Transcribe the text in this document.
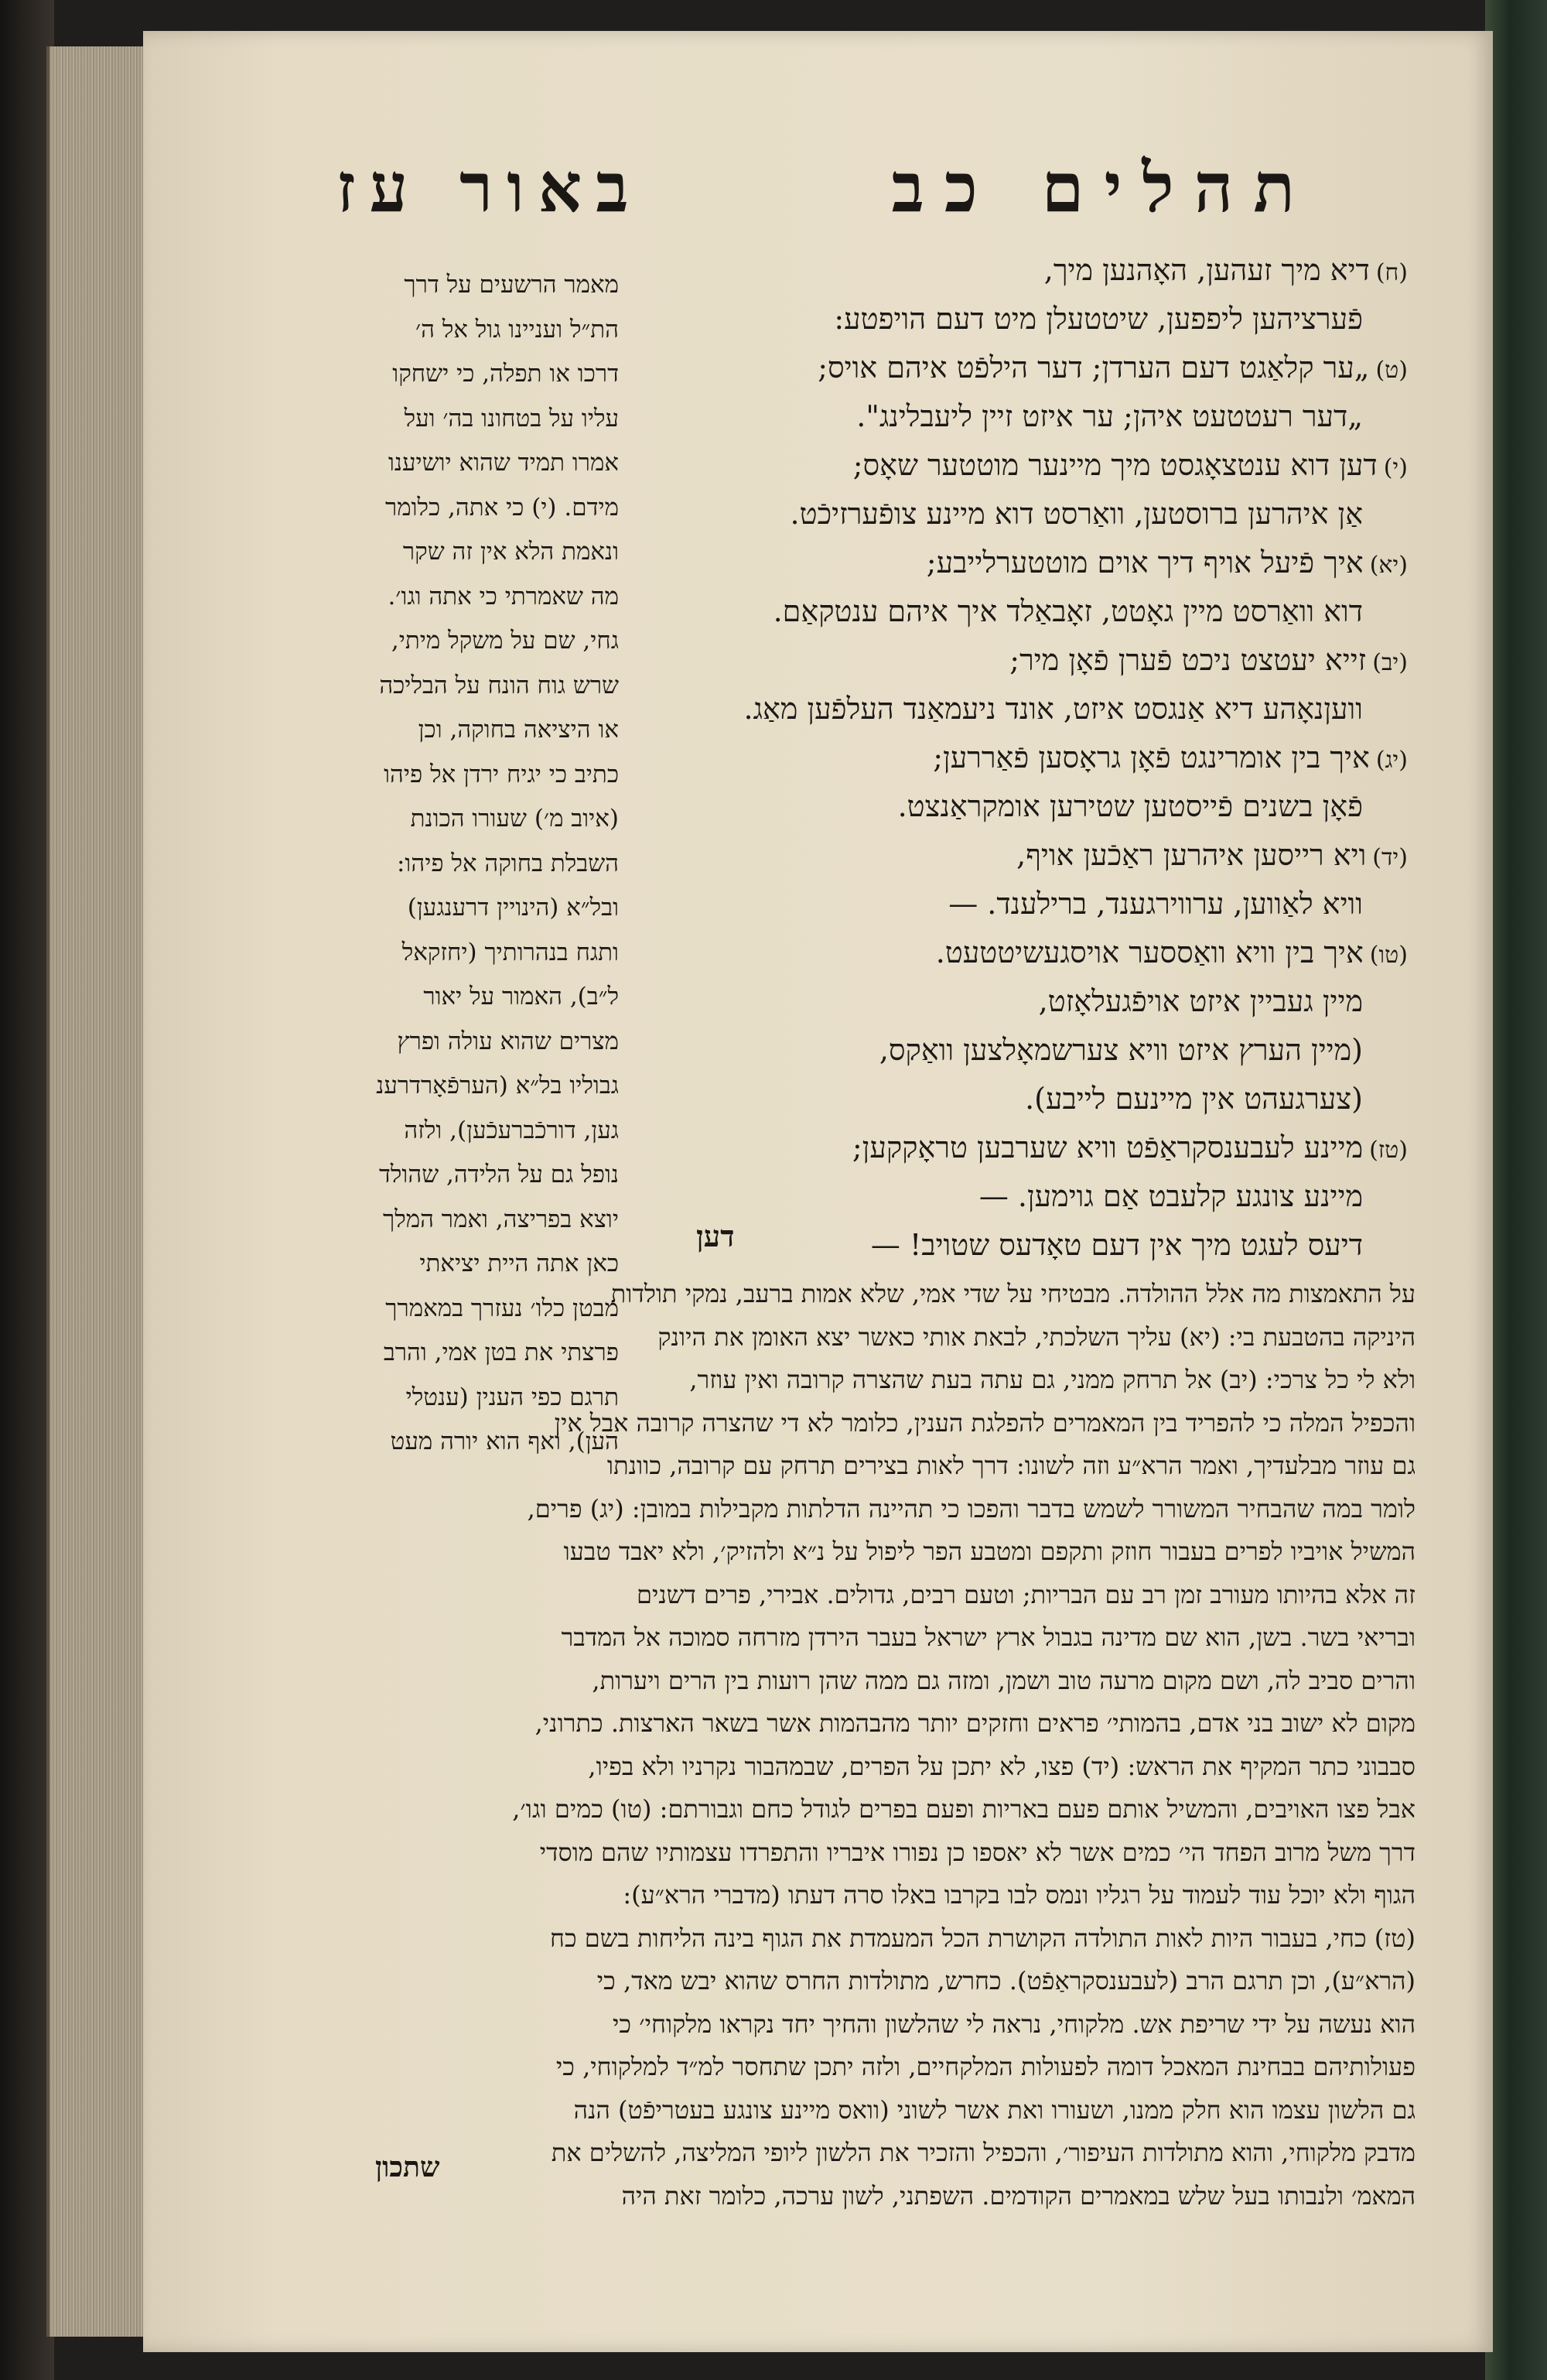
תהלים כב
באור עז
(ח)דיא מיך זעהען, האָהנען מיך,
פֿערציהען ליפפען, שיטטעלן מיט דעם הויפטע:
(ט)„ער קלאַגט דעם הערדן; דער הילפֿט איהם אויס;
„דער רעטטעט איהן; ער איזט זיין ליעבלינג".
(י)דען דוא ענטצאָגסט מיך מיינער מוטטער שאָס;
אַן איהרען ברוסטען, וואַרסט דוא מיינע צופֿערזיכֿט.
(יא)איך פֿיעל אויף דיך אוים מוטטערלייבע;
דוא וואַרסט מיין גאָטט, זאָבאַלד איך איהם ענטקאַם.
(יב)זייא יעטצט ניכט פֿערן פֿאָן מיר;
וועןנאָהע דיא אַנגסט איזט, אונד ניעמאַנד העלפֿען מאַג.
(יג)איך בין אומרינגט פֿאָן גראָסען פֿאַררען;
פֿאָן בשנים פֿייסטען שטירען אומקראַנצט.
(יד)ויא רייסען איהרען ראַכֿען אויף,
וויא לאַווען, ערווירגענד, ברילענד. —
(טו)איך בין וויא וואַססער אויסגעשיטטעט.
מיין געביין איזט אויפֿגעלאָזט,
(מיין הערץ איזט וויא צערשמאָלצען וואַקס,
(צערגעהט אין מיינעם לייבע).
(טז)מיינע לעבענסקראַפֿט וויא שערבען טראָקקען;
מיינע צונגע קלעבט אַם גוימען. —
דיעס לעגט מיך אין דעם טאָדעס שטויב! —
מאמר הרשעים על דרך
הת״ל ועניינו גול אל ה׳
דרכו או תפלה, כי ישחקו
עליו על בטחונו בה׳ ועל
אמרו תמיד שהוא יושיענו
מידם. (י) כי אתה, כלומר
ונאמת הלא אין זה שקר
מה שאמרתי כי אתה וגו׳.
גחי, שם על משקל מיתי,
שרש גוח הונח על הבליכה
או היציאה בחוקה, וכן
כתיב כי יגיח ירדן אל פיהו
(איוב מ׳) שעורו הכונת
השבלת בחוקה אל פיהו:
ובל״א (הינויין דרענגען)
ותגח בנהרותיך (יחזקאל
ל״ב), האמור על יאור
מצרים שהוא עולה ופרץ
גבוליו בל״א (הערפֿאָרדרענ
גען, דורכֿברעכֿען), ולזה
נופל גם על הלידה, שהולד
יוצא בפריצה, ואמר המלך
כאן אתה היית יציאתי
מבטן כלו׳ נעזרך במאמרך
פרצתי את בטן אמי, והרב
תרגם כפי הענין (ענטלי
הען), ואף הוא יורה מעט
דען
על התאמצות מה אלל ההולדה. מבטיחי על שדי אמי, שלא אמות ברעב, נמקי תולדות
היניקה בהטבעת בי: (יא) עליך השלכתי, לבאת אותי כאשר יצא האומן את היונק
ולא לי כל צרכי: (יב) אל תרחק ממני, גם עתה בעת שהצרה קרובה ואין עוזר,
והכפיל המלה כי להפריד בין המאמרים להפלגת הענין, כלומר לא די שהצרה קרובה אבל אין
גם עוזר מבלעדיך, ואמר הרא״ע וזה לשונו: דרך לאות בצירים תרחק עם קרובה, כוונתו
לומר במה שהבחיר המשורר לשמש בדבר והפכו כי תהיינה הדלתות מקבילות במובן: (יג) פרים,
המשיל אויביו לפרים בעבור חוזק ותקפם ומטבע הפר ליפול על נ״א ולהזיק׳, ולא יאבד טבעו
זה אלא בהיותו מעורב זמן רב עם הבריות; וטעם רבים, גדולים. אבירי, פרים דשנים
ובריאי בשר. בשן, הוא שם מדינה בגבול ארץ ישראל בעבר הירדן מזרחה סמוכה אל המדבר
והרים סביב לה, ושם מקום מרעה טוב ושמן, ומזה גם ממה שהן רועות בין הרים ויערות,
מקום לא ישוב בני אדם, בהמותי׳ פראים וחזקים יותר מהבהמות אשר בשאר הארצות. כתרוני,
סבבוני כתר המקיף את הראש: (יד) פצו, לא יתכן על הפרים, שבמהבור נקרניו ולא בפיו,
אבל פצו האויבים, והמשיל אותם פעם באריות ופעם בפרים לגודל כחם וגבורתם: (טו) כמים וגו׳,
דרך משל מרוב הפחד הי׳ כמים אשר לא יאספו כן נפורו איבריו והתפרדו עצמותיו שהם מוסדי
הגוף ולא יוכל עוד לעמוד על רגליו ונמס לבו בקרבו באלו סרה דעתו (מדברי הרא״ע):
(טז) כחי, בעבור היות לאות התולדה הקושרת הכל המעמדת את הגוף בינה הליחות בשם כח
(הרא״ע), וכן תרגם הרב (לעבענסקראַפֿט). כחרש, מתולדות החרס שהוא יבש מאד, כי
הוא נעשה על ידי שריפת אש. מלקוחי, נראה לי שהלשון והחיך יחד נקראו מלקוחי׳ כי
פעולותיהם בבחינת המאכל דומה לפעולות המלקחיים, ולזה יתכן שתחסר למ״ד למלקוחי, כי
גם הלשון עצמו הוא חלק ממנו, ושעורו ואת אשר לשוני (וואס מיינע צונגע בעטריפֿט) הנה
מדבק מלקוחי, והוא מתולדות העיפור׳, והכפיל והזכיר את הלשון ליופי המליצה, להשלים את
המאמ׳ ולנבותו בעל שלש במאמרים הקודמים. השפתני, לשון ערכה, כלומר זאת היה
שתכון
